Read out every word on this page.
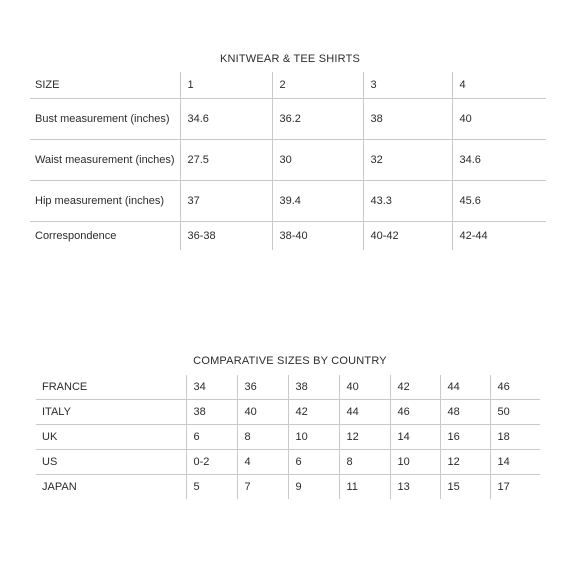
KNITWEAR & TEE SHIRTS
SIZE	1	2	3	4
Bust measurement (inches)	34.6	36.2	38	40
Waist measurement (inches)	27.5	30	32	34.6
Hip measurement (inches)	37	39.4	43.3	45.6
Correspondence	36-38	38-40	40-42	42-44
COMPARATIVE SIZES BY COUNTRY
FRANCE	34	36	38	40	42	44	46
ITALY	38	40	42	44	46	48	50
UK	6	8	10	12	14	16	18
US	0-2	4	6	8	10	12	14
JAPAN	5	7	9	11	13	15	17
